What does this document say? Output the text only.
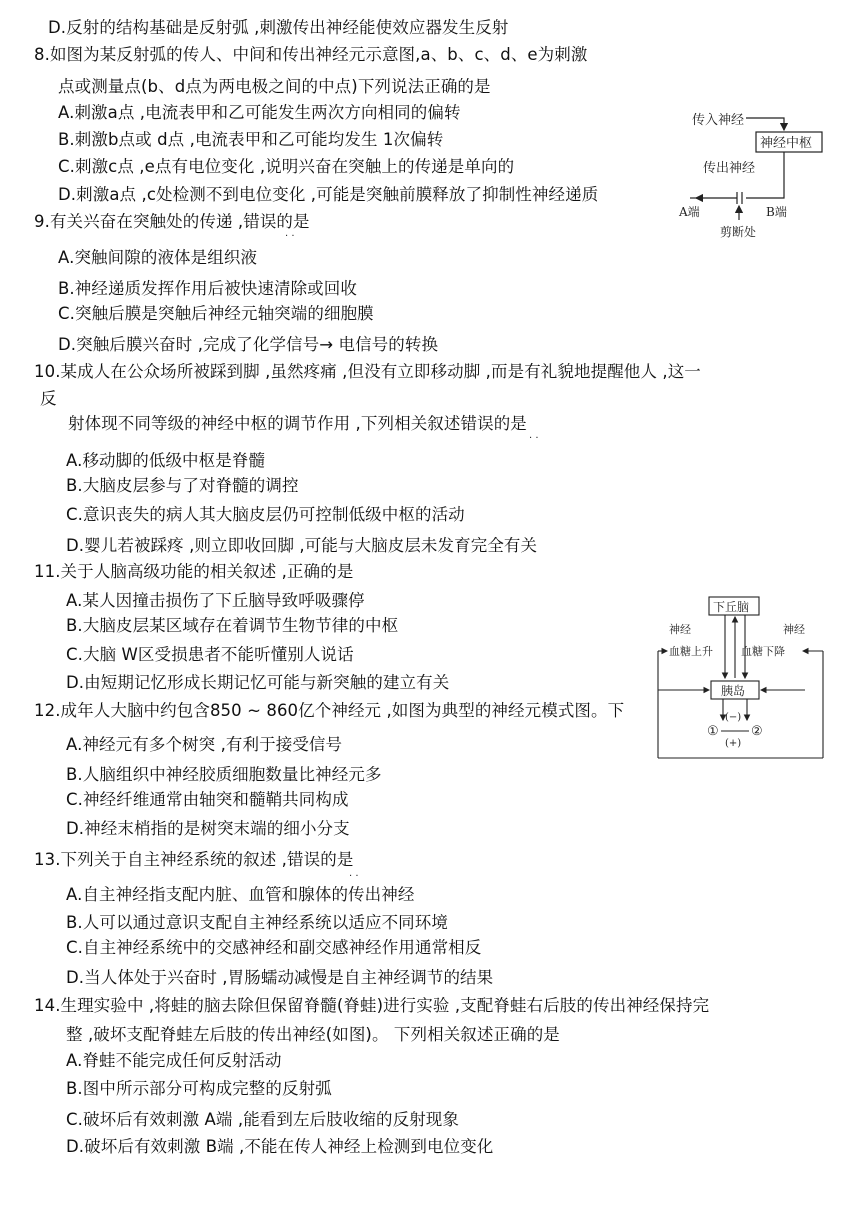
D.反射的结构基础是反射弧 ,刺激传出神经能使效应器发生反射
8.如图为某反射弧的传人、中间和传出神经元示意图,a、b、c、d、e为刺激
点或测量点(b、d点为两电极之间的中点)下列说法正确的是
A.刺激a点 ,电流表甲和乙可能发生两次方向相同的偏转
B.刺激b点或 d点 ,电流表甲和乙可能均发生 1次偏转
C.刺激c点 ,e点有电位变化 ,说明兴奋在突触上的传递是单向的
D.刺激a点 ,c处检测不到电位变化 ,可能是突触前膜释放了抑制性神经递质
9.有关兴奋在突触处的传递 ,错误的是
· ·
A.突触间隙的液体是组织液
B.神经递质发挥作用后被快速清除或回收
C.突触后膜是突触后神经元轴突端的细胞膜
D.突触后膜兴奋时 ,完成了化学信号→ 电信号的转换
10.某成人在公众场所被踩到脚 ,虽然疼痛 ,但没有立即移动脚 ,而是有礼貌地提醒他人 ,这一
反
射体现不同等级的神经中枢的调节作用 ,下列相关叙述错误的是
· ·
A.移动脚的低级中枢是脊髓
B.大脑皮层参与了对脊髓的调控
C.意识丧失的病人其大脑皮层仍可控制低级中枢的活动
D.婴儿若被踩疼 ,则立即收回脚 ,可能与大脑皮层未发育完全有关
11.关于人脑高级功能的相关叙述 ,正确的是
A.某人因撞击损伤了下丘脑导致呼吸骤停
B.大脑皮层某区域存在着调节生物节律的中枢
C.大脑 W区受损患者不能听懂别人说话
D.由短期记忆形成长期记忆可能与新突触的建立有关
12.成年人大脑中约包含850 ~ 860亿个神经元 ,如图为典型的神经元模式图。下
A.神经元有多个树突 ,有利于接受信号
B.人脑组织中神经胶质细胞数量比神经元多
C.神经纤维通常由轴突和髓鞘共同构成
D.神经末梢指的是树突末端的细小分支
13.下列关于自主神经系统的叙述 ,错误的是
· ·
A.自主神经指支配内脏、血管和腺体的传出神经
B.人可以通过意识支配自主神经系统以适应不同环境
C.自主神经系统中的交感神经和副交感神经作用通常相反
D.当人体处于兴奋时 ,胃肠蠕动减慢是自主神经调节的结果
14.生理实验中 ,将蛙的脑去除但保留脊髓(脊蛙)进行实验 ,支配脊蛙右后肢的传出神经保持完
整 ,破坏支配脊蛙左后肢的传出神经(如图)。 下列相关叙述正确的是
A.脊蛙不能完成任何反射活动
B.图中所示部分可构成完整的反射弧
C.破坏后有效刺激 A端 ,能看到左后肢收缩的反射现象
D.破坏后有效刺激 B端 ,不能在传人神经上检测到电位变化
传入神经
神经中枢
传出神经
A端	B端
剪断处
下丘脑
神经	神经
血糖上升	血糖下降
胰岛
(−)
① ②
(+)
